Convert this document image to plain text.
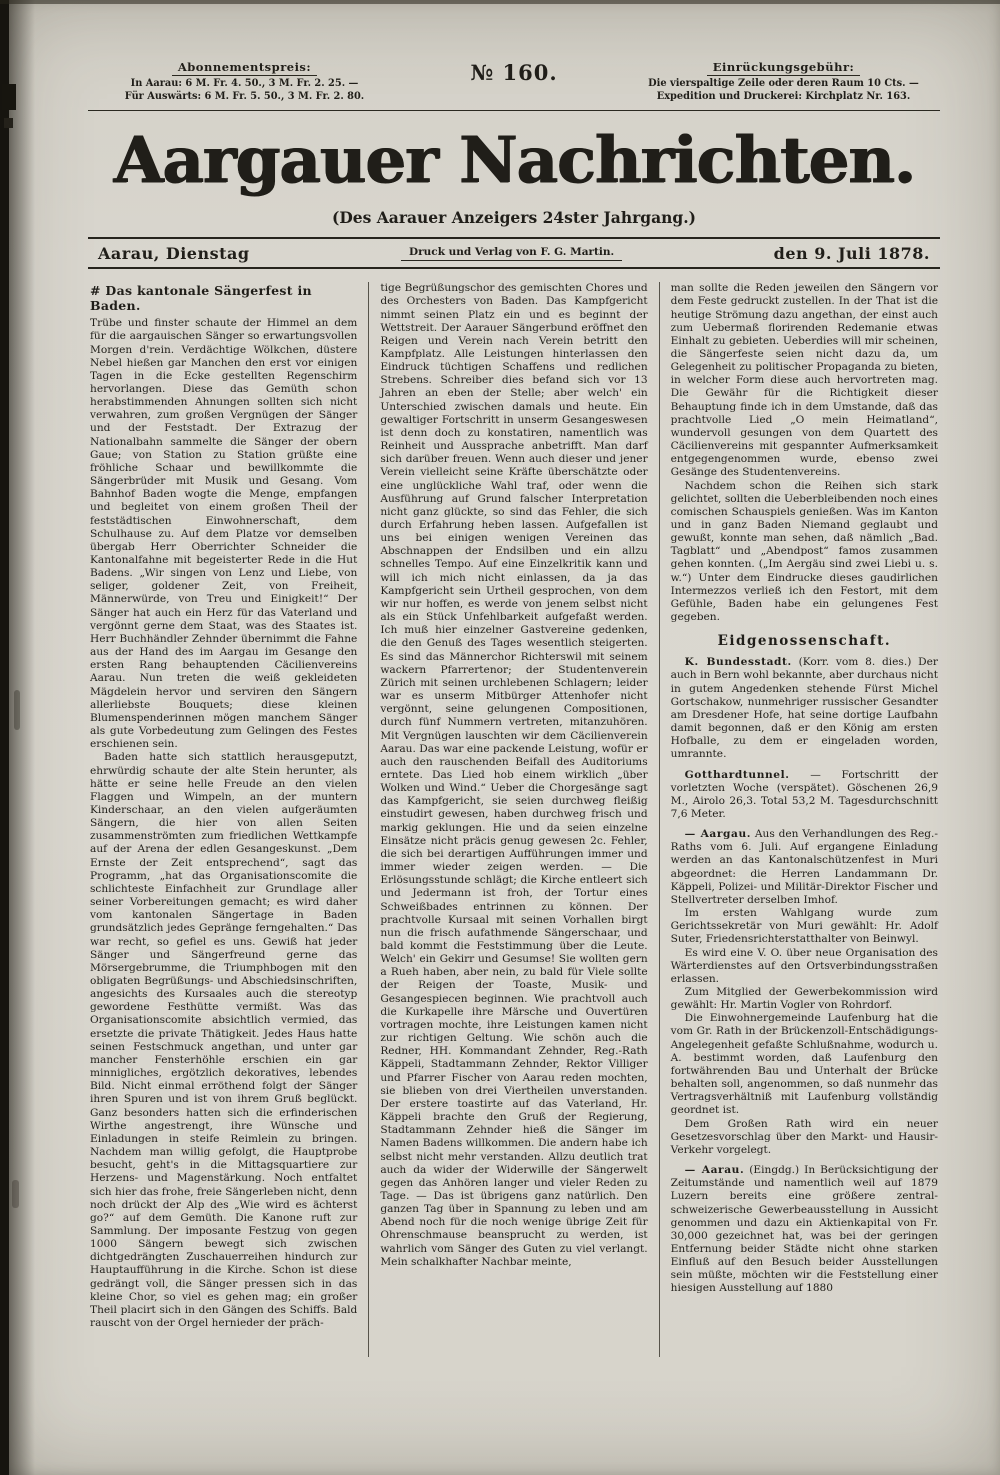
Abonnementspreis:
In Aarau: 6 M. Fr. 4. 50., 3 M. Fr. 2. 25. —
Für Auswärts: 6 M. Fr. 5. 50., 3 M. Fr. 2. 80.
№ 160.	Einrückungsgebühr:
Die vierspaltige Zeile oder deren Raum 10 Cts. —
Expedition und Druckerei: Kirchplatz Nr. 163.
Aargauer Nachrichten.
(Des Aarauer Anzeigers 24ster Jahrgang.)
Aarau, Dienstag	Druck und Verlag von F. G. Martin.	den 9. Juli 1878.
# Das kantonale Sängerfest in Baden.

Trübe und finster schaute der Himmel an dem für die aargauischen Sänger so erwartungsvollen Morgen d'rein. Verdächtige Wölkchen, düstere Nebel hießen gar Manchen den erst vor einigen Tagen in die Ecke gestellten Regenschirm hervorlangen. Diese das Gemüth schon herabstimmenden Ahnungen sollten sich nicht verwahren, zum großen Vergnügen der Sänger und der Feststadt. Der Extrazug der Nationalbahn sammelte die Sänger der obern Gaue; von Station zu Station grüßte eine fröhliche Schaar und bewillkommte die Sängerbrüder mit Musik und Gesang. Vom Bahnhof Baden wogte die Menge, empfangen und begleitet von einem großen Theil der feststädtischen Einwohnerschaft, dem Schulhause zu. Auf dem Platze vor demselben übergab Herr Oberrichter Schneider die Kantonalfahne mit begeisterter Rede in die Hut Badens. „Wir singen von Lenz und Liebe, von seliger, goldener Zeit, von Freiheit, Männerwürde, von Treu und Einigkeit!“ Der Sänger hat auch ein Herz für das Vaterland und vergönnt gerne dem Staat, was des Staates ist. Herr Buchhändler Zehnder übernimmt die Fahne aus der Hand des im Aargau im Gesange den ersten Rang behauptenden Cäcilienvereins Aarau. Nun treten die weiß gekleideten Mägdelein hervor und serviren den Sängern allerliebste Bouquets; diese kleinen Blumenspenderinnen mögen manchem Sänger als gute Vorbedeutung zum Gelingen des Festes erschienen sein.

Baden hatte sich stattlich herausgeputzt, ehrwürdig schaute der alte Stein herunter, als hätte er seine helle Freude an den vielen Flaggen und Wimpeln, an der muntern Kinderschaar, an den vielen aufgeräumten Sängern, die hier von allen Seiten zusammenströmten zum friedlichen Wettkampfe auf der Arena der edlen Gesangeskunst. „Dem Ernste der Zeit entsprechend“, sagt das Programm, „hat das Organisationscomite die schlichteste Einfachheit zur Grundlage aller seiner Vorbereitungen gemacht; es wird daher vom kantonalen Sängertage in Baden grundsätzlich jedes Gepränge ferngehalten.“ Das war recht, so gefiel es uns. Gewiß hat jeder Sänger und Sängerfreund gerne das Mörsergebrumme, die Triumphbogen mit den obligaten Begrüßungs- und Abschiedsinschriften, angesichts des Kursaales auch die stereotyp gewordene Festhütte vermißt. Was das Organisationscomite absichtlich vermied, das ersetzte die private Thätigkeit. Jedes Haus hatte seinen Festschmuck angethan, und unter gar mancher Fensterhöhle erschien ein gar minnigliches, ergötzlich dekoratives, lebendes Bild. Nicht einmal erröthend folgt der Sänger ihren Spuren und ist von ihrem Gruß beglückt. Ganz besonders hatten sich die erfinderischen Wirthe angestrengt, ihre Wünsche und Einladungen in steife Reimlein zu bringen. Nachdem man willig gefolgt, die Hauptprobe besucht, geht's in die Mittagsquartiere zur Herzens- und Magenstärkung. Noch entfaltet sich hier das frohe, freie Sängerleben nicht, denn noch drückt der Alp des „Wie wird es ächterst go?“ auf dem Gemüth. Die Kanone ruft zur Sammlung. Der imposante Festzug von gegen 1000 Sängern bewegt sich zwischen dichtgedrängten Zuschauerreihen hindurch zur Hauptaufführung in die Kirche. Schon ist diese gedrängt voll, die Sänger pressen sich in das kleine Chor, so viel es gehen mag; ein großer Theil placirt sich in den Gängen des Schiffs. Bald rauscht von der Orgel hernieder der präch-

tige Begrüßungschor des gemischten Chores und des Orchesters von Baden. Das Kampfgericht nimmt seinen Platz ein und es beginnt der Wettstreit. Der Aarauer Sängerbund eröffnet den Reigen und Verein nach Verein betritt den Kampfplatz. Alle Leistungen hinterlassen den Eindruck tüchtigen Schaffens und redlichen Strebens. Schreiber dies befand sich vor 13 Jahren an eben der Stelle; aber welch' ein Unterschied zwischen damals und heute. Ein gewaltiger Fortschritt in unserm Gesangeswesen ist denn doch zu konstatiren, namentlich was Reinheit und Aussprache anbetrifft. Man darf sich darüber freuen. Wenn auch dieser und jener Verein vielleicht seine Kräfte überschätzte oder eine unglückliche Wahl traf, oder wenn die Ausführung auf Grund falscher Interpretation nicht ganz glückte, so sind das Fehler, die sich durch Erfahrung heben lassen. Aufgefallen ist uns bei einigen wenigen Vereinen das Abschnappen der Endsilben und ein allzu schnelles Tempo. Auf eine Einzelkritik kann und will ich mich nicht einlassen, da ja das Kampfgericht sein Urtheil gesprochen, von dem wir nur hoffen, es werde von jenem selbst nicht als ein Stück Unfehlbarkeit aufgefaßt werden. Ich muß hier einzelner Gastvereine gedenken, die den Genuß des Tages wesentlich steigerten. Es sind das Männerchor Richterswil mit seinem wackern Pfarrertenor; der Studentenverein Zürich mit seinen urchlebenen Schlagern; leider war es unserm Mitbürger Attenhofer nicht vergönnt, seine gelungenen Compositionen, durch fünf Nummern vertreten, mitanzuhören. Mit Vergnügen lauschten wir dem Cäcilienverein Aarau. Das war eine packende Leistung, wofür er auch den rauschenden Beifall des Auditoriums erntete. Das Lied hob einem wirklich „über Wolken und Wind.“ Ueber die Chorgesänge sagt das Kampfgericht, sie seien durchweg fleißig einstudirt gewesen, haben durchweg frisch und markig geklungen. Hie und da seien einzelne Einsätze nicht präcis genug gewesen 2c. Fehler, die sich bei derartigen Aufführungen immer und immer wieder zeigen werden. — Die Erlösungsstunde schlägt; die Kirche entleert sich und Jedermann ist froh, der Tortur eines Schweißbades entrinnen zu können. Der prachtvolle Kursaal mit seinen Vorhallen birgt nun die frisch aufathmende Sängerschaar, und bald kommt die Feststimmung über die Leute. Welch' ein Gekirr und Gesumse! Sie wollten gern a Rueh haben, aber nein, zu bald für Viele sollte der Reigen der Toaste, Musik- und Gesangespiecen beginnen. Wie prachtvoll auch die Kurkapelle ihre Märsche und Ouvertüren vortragen mochte, ihre Leistungen kamen nicht zur richtigen Geltung. Wie schön auch die Redner, HH. Kommandant Zehnder, Reg.-Rath Käppeli, Stadtammann Zehnder, Rektor Villiger und Pfarrer Fischer von Aarau reden mochten, sie blieben von drei Viertheilen unverstanden. Der erstere toastirte auf das Vaterland, Hr. Käppeli brachte den Gruß der Regierung, Stadtammann Zehnder hieß die Sänger im Namen Badens willkommen. Die andern habe ich selbst nicht mehr verstanden. Allzu deutlich trat auch da wider der Widerwille der Sängerwelt gegen das Anhören langer und vieler Reden zu Tage. — Das ist übrigens ganz natürlich. Den ganzen Tag über in Spannung zu leben und am Abend noch für die noch wenige übrige Zeit für Ohrenschmause beansprucht zu werden, ist wahrlich vom Sänger des Guten zu viel verlangt. Mein schalkhafter Nachbar meinte,

man sollte die Reden jeweilen den Sängern vor dem Feste gedruckt zustellen. In der That ist die heutige Strömung dazu angethan, der einst auch zum Uebermaß florirenden Redemanie etwas Einhalt zu gebieten. Ueberdies will mir scheinen, die Sängerfeste seien nicht dazu da, um Gelegenheit zu politischer Propaganda zu bieten, in welcher Form diese auch hervortreten mag. Die Gewähr für die Richtigkeit dieser Behauptung finde ich in dem Umstande, daß das prachtvolle Lied „O mein Heimatland“, wundervoll gesungen von dem Quartett des Cäcilienvereins mit gespannter Aufmerksamkeit entgegengenommen wurde, ebenso zwei Gesänge des Studentenvereins.

Nachdem schon die Reihen sich stark gelichtet, sollten die Ueberbleibenden noch eines comischen Schauspiels genießen. Was im Kanton und in ganz Baden Niemand geglaubt und gewußt, konnte man sehen, daß nämlich „Bad. Tagblatt“ und „Abendpost“ famos zusammen gehen konnten. („Im Aergäu sind zwei Liebi u. s. w.“) Unter dem Eindrucke dieses gaudirlichen Intermezzos verließ ich den Festort, mit dem Gefühle, Baden habe ein gelungenes Fest gegeben.

Eidgenossenschaft.

K. Bundesstadt. (Korr. vom 8. dies.) Der auch in Bern wohl bekannte, aber durchaus nicht in gutem Angedenken stehende Fürst Michel Gortschakow, nunmehriger russischer Gesandter am Dresdener Hofe, hat seine dortige Laufbahn damit begonnen, daß er den König am ersten Hofballe, zu dem er eingeladen worden, umrannte.

Gotthardtunnel. — Fortschritt der vorletzten Woche (verspätet). Göschenen 26,9 M., Airolo 26,3. Total 53,2 M. Tagesdurchschnitt 7,6 Meter.

— Aargau. Aus den Verhandlungen des Reg.-Raths vom 6. Juli. Auf ergangene Einladung werden an das Kantonalschützenfest in Muri abgeordnet: die Herren Landammann Dr. Käppeli, Polizei- und Militär-Direktor Fischer und Stellvertreter derselben Imhof.

Im ersten Wahlgang wurde zum Gerichtssekretär von Muri gewählt: Hr. Adolf Suter, Friedensrichterstatthalter von Beinwyl.

Es wird eine V. O. über neue Organisation des Wärterdienstes auf den Ortsverbindungsstraßen erlassen.

Zum Mitglied der Gewerbekommission wird gewählt: Hr. Martin Vogler von Rohrdorf.

Die Einwohnergemeinde Laufenburg hat die vom Gr. Rath in der Brückenzoll-Entschädigungs-Angelegenheit gefaßte Schlußnahme, wodurch u. A. bestimmt worden, daß Laufenburg den fortwährenden Bau und Unterhalt der Brücke behalten soll, angenommen, so daß nunmehr das Vertragsverhältniß mit Laufenburg vollständig geordnet ist.

Dem Großen Rath wird ein neuer Gesetzesvorschlag über den Markt- und Hausir-Verkehr vorgelegt.

— Aarau. (Eingdg.) In Berücksichtigung der Zeitumstände und namentlich weil auf 1879 Luzern bereits eine größere zentral-schweizerische Gewerbeausstellung in Aussicht genommen und dazu ein Aktienkapital von Fr. 30,000 gezeichnet hat, was bei der geringen Entfernung beider Städte nicht ohne starken Einfluß auf den Besuch beider Ausstellungen sein müßte, möchten wir die Feststellung einer hiesigen Ausstellung auf 1880
